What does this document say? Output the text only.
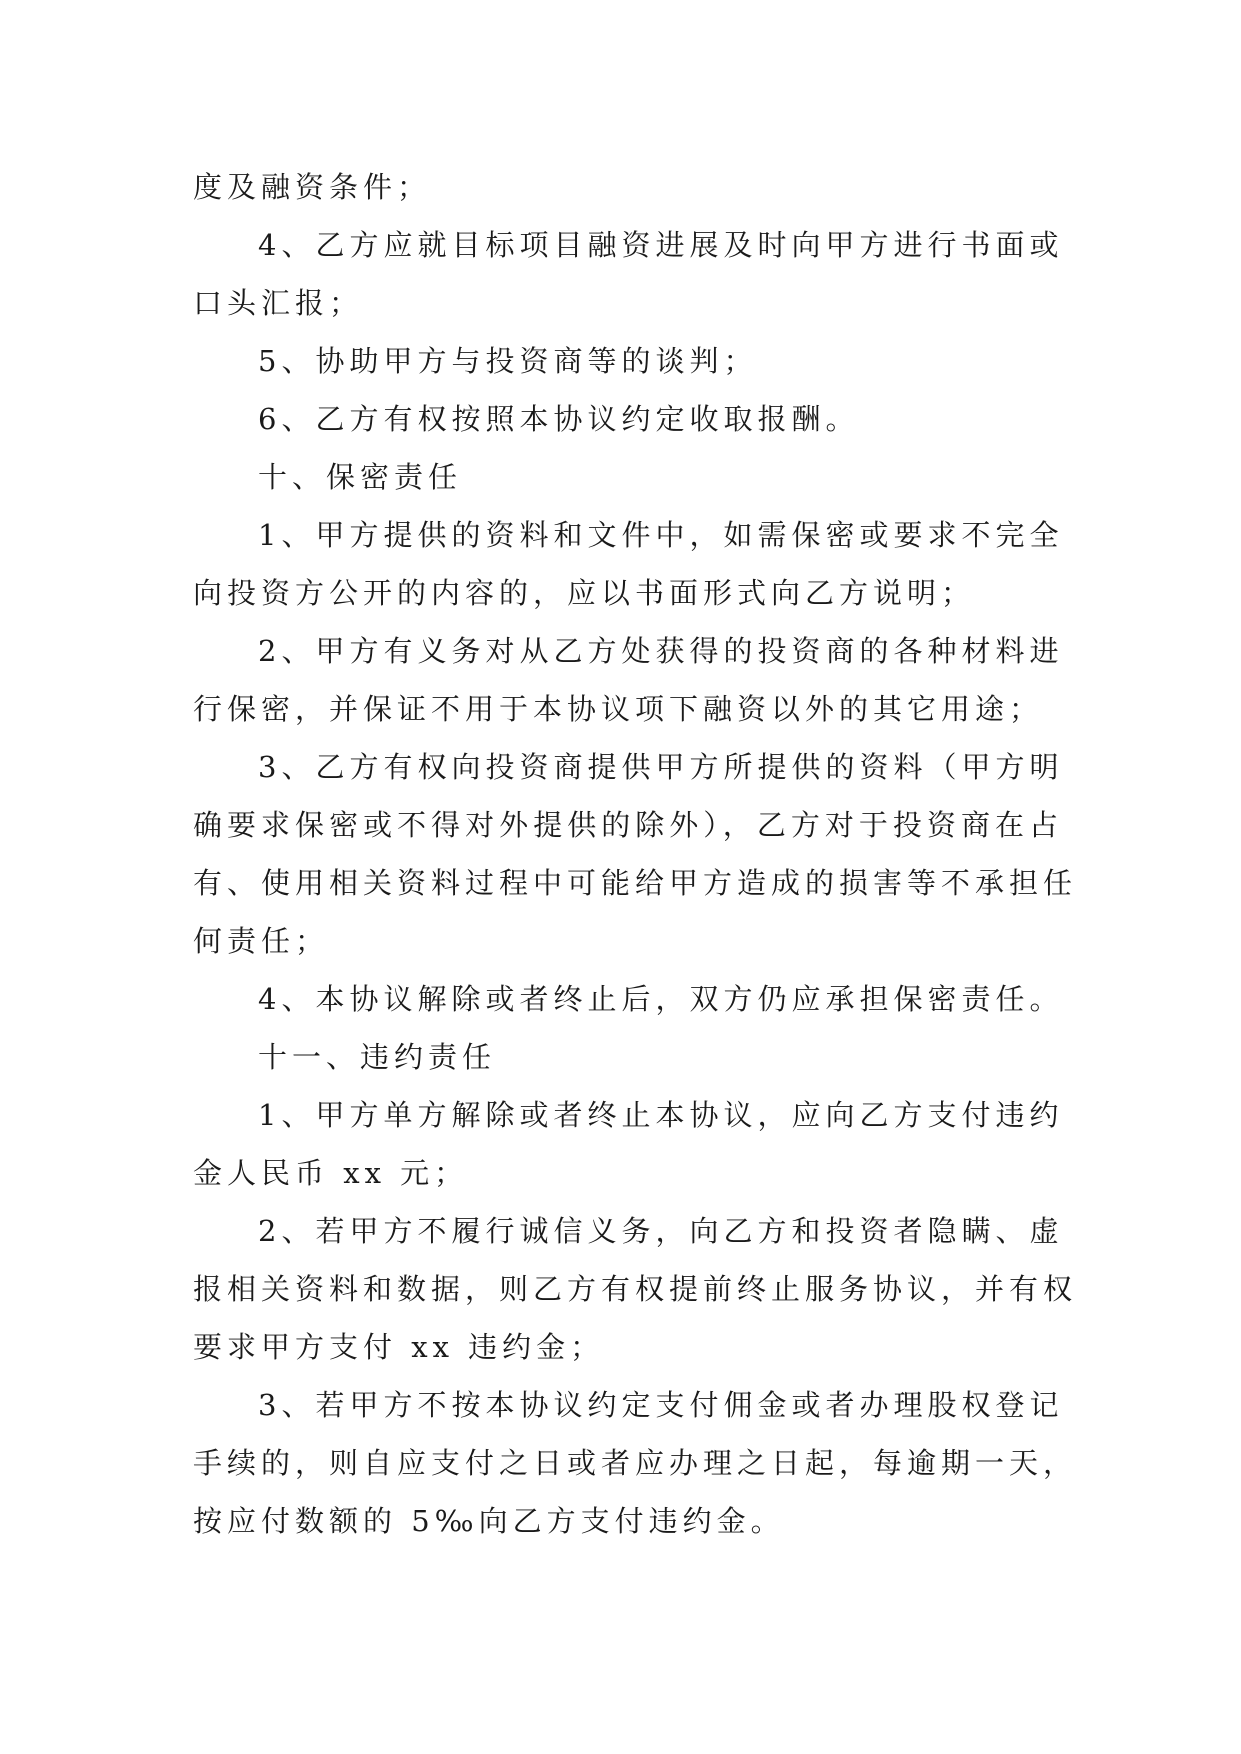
度及融资条件；
4、乙方应就目标项目融资进展及时向甲方进行书面或
口头汇报；
5、协助甲方与投资商等的谈判；
6、乙方有权按照本协议约定收取报酬。
十、保密责任
1、甲方提供的资料和文件中，如需保密或要求不完全
向投资方公开的内容的，应以书面形式向乙方说明；
2、甲方有义务对从乙方处获得的投资商的各种材料进
行保密，并保证不用于本协议项下融资以外的其它用途；
3、乙方有权向投资商提供甲方所提供的资料（甲方明
确要求保密或不得对外提供的除外），乙方对于投资商在占
有、使用相关资料过程中可能给甲方造成的损害等不承担任
何责任；
4、本协议解除或者终止后，双方仍应承担保密责任。
十一、违约责任
1、甲方单方解除或者终止本协议，应向乙方支付违约
金人民币 xx 元；
2、若甲方不履行诚信义务，向乙方和投资者隐瞒、虚
报相关资料和数据，则乙方有权提前终止服务协议，并有权
要求甲方支付 xx 违约金；
3、若甲方不按本协议约定支付佣金或者办理股权登记
手续的，则自应支付之日或者应办理之日起，每逾期一天，
按应付数额的 5‰向乙方支付违约金。
